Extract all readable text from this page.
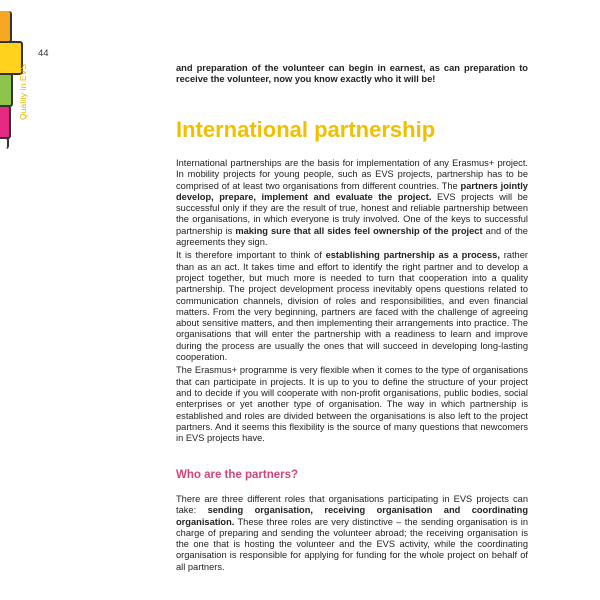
Quality in EVS
44

and preparation of the volunteer can begin in earnest, as can preparation to receive the volunteer, now you know exactly who it will be!

International partnership

International partnerships are the basis for implementation of any Erasmus+ project. In mobility projects for young people, such as EVS projects, partnership has to be comprised of at least two organisations from different countries. The partners jointly develop, prepare, implement and evaluate the project. EVS projects will be successful only if they are the result of true, honest and reliable partnership between the organisations, in which everyone is truly involved. One of the keys to successful partnership is making sure that all sides feel ownership of the project and of the agreements they sign.

It is therefore important to think of establishing partnership as a process, rather than as an act. It takes time and effort to identify the right partner and to develop a project together, but much more is needed to turn that cooperation into a quality partnership. The project development process inevitably opens questions related to communication channels, division of roles and responsibilities, and even financial matters. From the very beginning, partners are faced with the challenge of agreeing about sensitive matters, and then implementing their arrangements into practice. The organisations that will enter the partnership with a readiness to learn and improve during the process are usually the ones that will succeed in developing long-lasting cooperation.

The Erasmus+ programme is very flexible when it comes to the type of organisations that can participate in projects. It is up to you to define the structure of your project and to decide if you will cooperate with non-profit organisations, public bodies, social enterprises or yet another type of organisation. The way in which partnership is established and roles are divided between the organisations is also left to the project partners. And it seems this flexibility is the source of many questions that newcomers in EVS projects have.

Who are the partners?

There are three different roles that organisations participating in EVS projects can take: sending organisation, receiving organisation and coordinating organisation. These three roles are very distinctive – the sending organisation is in charge of preparing and sending the volunteer abroad; the receiving organisation is the one that is hosting the volunteer and the EVS activity, while the coordinating organisation is responsible for applying for funding for the whole project on behalf of all partners.
